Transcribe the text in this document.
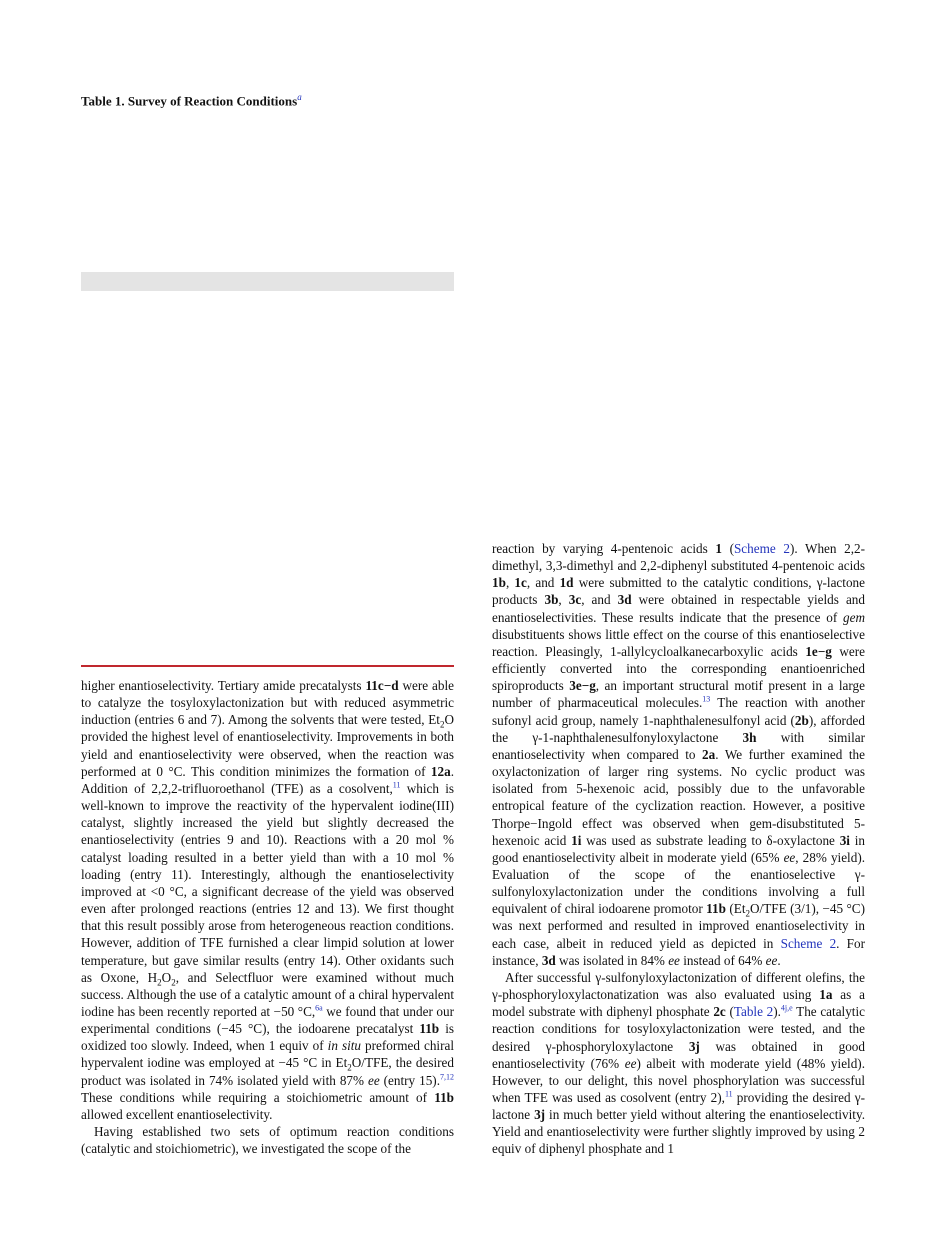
Table 1. Survey of Reaction Conditions$^a$

higher enantioselectivity. Tertiary amide precatalysts 11c−d were able to catalyze the tosyloxylactonization but with reduced asymmetric induction (entries 6 and 7). Among the solvents that were tested, $Et_2O$ provided the highest level of enantioselectivity. Improvements in both yield and enantioselectivity were observed, when the reaction was performed at 0 °C. This condition minimizes the formation of 12a. Addition of 2,2,2-trifluoroethanol (TFE) as a cosolvent,$^{11}$ which is well-known to improve the reactivity of the hypervalent iodine(III) catalyst, slightly increased the yield but slightly decreased the enantioselectivity (entries 9 and 10). Reactions with a 20 mol % catalyst loading resulted in a better yield than with a 10 mol % loading (entry 11). Interestingly, although the enantioselectivity improved at <0 °C, a significant decrease of the yield was observed even after prolonged reactions (entries 12 and 13). We first thought that this result possibly arose from heterogeneous reaction conditions. However, addition of TFE furnished a clear limpid solution at lower temperature, but gave similar results (entry 14). Other oxidants such as Oxone, $H_2O_2$, and Selectfluor were examined without much success. Although the use of a catalytic amount of a chiral hypervalent iodine has been recently reported at −50 °C,$^{6a}$ we found that under our experimental conditions (−45 °C), the iodoarene precatalyst 11b is oxidized too slowly. Indeed, when 1 equiv of in situ preformed chiral hypervalent iodine was employed at −45 °C in $Et_2O$/TFE, the desired product was isolated in 74% isolated yield with 87% ee (entry 15).$^{7,12}$ These conditions while requiring a stoichiometric amount of 11b allowed excellent enantioselectivity.

Having established two sets of optimum reaction conditions (catalytic and stoichiometric), we investigated the scope of the

reaction by varying 4-pentenoic acids 1 (Scheme 2). When 2,2-dimethyl, 3,3-dimethyl and 2,2-diphenyl substituted 4-pentenoic acids 1b, 1c, and 1d were submitted to the catalytic conditions, γ-lactone products 3b, 3c, and 3d were obtained in respectable yields and enantioselectivities. These results indicate that the presence of gem disubstituents shows little effect on the course of this enantioselective reaction. Pleasingly, 1-allylcycloalkanecarboxylic acids 1e−g were efficiently converted into the corresponding enantioenriched spiroproducts 3e−g, an important structural motif present in a large number of pharmaceutical molecules.$^{13}$ The reaction with another sufonyl acid group, namely 1-naphthalenesulfonyl acid (2b), afforded the γ-1-naphthalenesulfonyloxylactone 3h with similar enantioselectivity when compared to 2a. We further examined the oxylactonization of larger ring systems. No cyclic product was isolated from 5-hexenoic acid, possibly due to the unfavorable entropical feature of the cyclization reaction. However, a positive Thorpe−Ingold effect was observed when gem-disubstituted 5-hexenoic acid 1i was used as substrate leading to δ-oxylactone 3i in good enantioselectivity albeit in moderate yield (65% ee, 28% yield). Evaluation of the scope of the enantioselective γ-sulfonyloxylactonization under the conditions involving a full equivalent of chiral iodoarene promotor 11b ($Et_2O$/TFE (3/1), −45 °C) was next performed and resulted in improved enantioselectivity in each case, albeit in reduced yield as depicted in Scheme 2. For instance, 3d was isolated in 84% ee instead of 64% ee.

After successful γ-sulfonyloxylactonization of different olefins, the γ-phosphoryloxylactonatization was also evaluated using 1a as a model substrate with diphenyl phosphate 2c (Table 2).$^{4j,e}$ The catalytic reaction conditions for tosyloxylactonization were tested, and the desired γ-phosphoryloxylactone 3j was obtained in good enantioselectivity (76% ee) albeit with moderate yield (48% yield). However, to our delight, this novel phosphorylation was successful when TFE was used as cosolvent (entry 2),$^{11}$ providing the desired γ-lactone 3j in much better yield without altering the enantioselectivity. Yield and enantioselectivity were further slightly improved by using 2 equiv of diphenyl phosphate and 1
